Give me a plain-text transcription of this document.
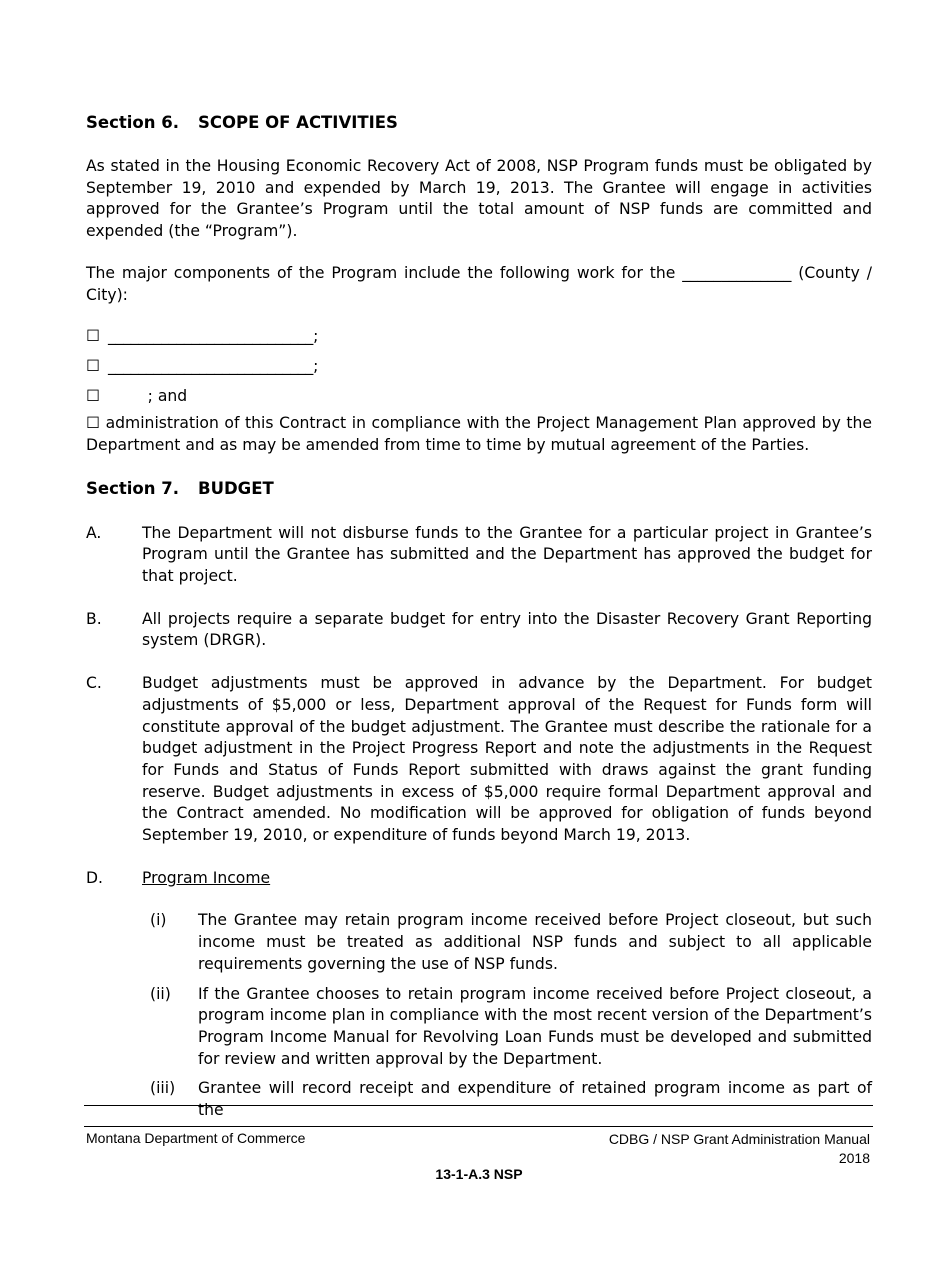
Section 6. SCOPE OF ACTIVITIES

As stated in the Housing Economic Recovery Act of 2008, NSP Program funds must be obligated by September 19, 2010 and expended by March 19, 2013. The Grantee will engage in activities approved for the Grantee’s Program until the total amount of NSP funds are committed and expended (the “Program”).

The major components of the Program include the following work for the ______________ (County / City):

☐ ___________________________;
☐ ___________________________;
☐        ; and

☐ administration of this Contract in compliance with the Project Management Plan approved by the Department and as may be amended from time to time by mutual agreement of the Parties.

Section 7. BUDGET
A.	The Department will not disburse funds to the Grantee for a particular project in Grantee’s Program until the Grantee has submitted and the Department has approved the budget for that project.
B.	All projects require a separate budget for entry into the Disaster Recovery Grant Reporting system (DRGR).
C.	Budget adjustments must be approved in advance by the Department. For budget adjustments of $5,000 or less, Department approval of the Request for Funds form will constitute approval of the budget adjustment. The Grantee must describe the rationale for a budget adjustment in the Project Progress Report and note the adjustments in the Request for Funds and Status of Funds Report submitted with draws against the grant funding reserve. Budget adjustments in excess of $5,000 require formal Department approval and the Contract amended. No modification will be approved for obligation of funds beyond September 19, 2010, or expenditure of funds beyond March 19, 2013.
D.	Program Income
(i) The Grantee may retain program income received before Project closeout, but such income must be treated as additional NSP funds and subject to all applicable requirements governing the use of NSP funds.
(ii) If the Grantee chooses to retain program income received before Project closeout, a program income plan in compliance with the most recent version of the Department’s Program Income Manual for Revolving Loan Funds must be developed and submitted for review and written approval by the Department.
(iii) Grantee will record receipt and expenditure of retained program income as part of the
Montana Department of Commerce	CDBG / NSP Grant Administration Manual
2018
13-1-A.3 NSP
